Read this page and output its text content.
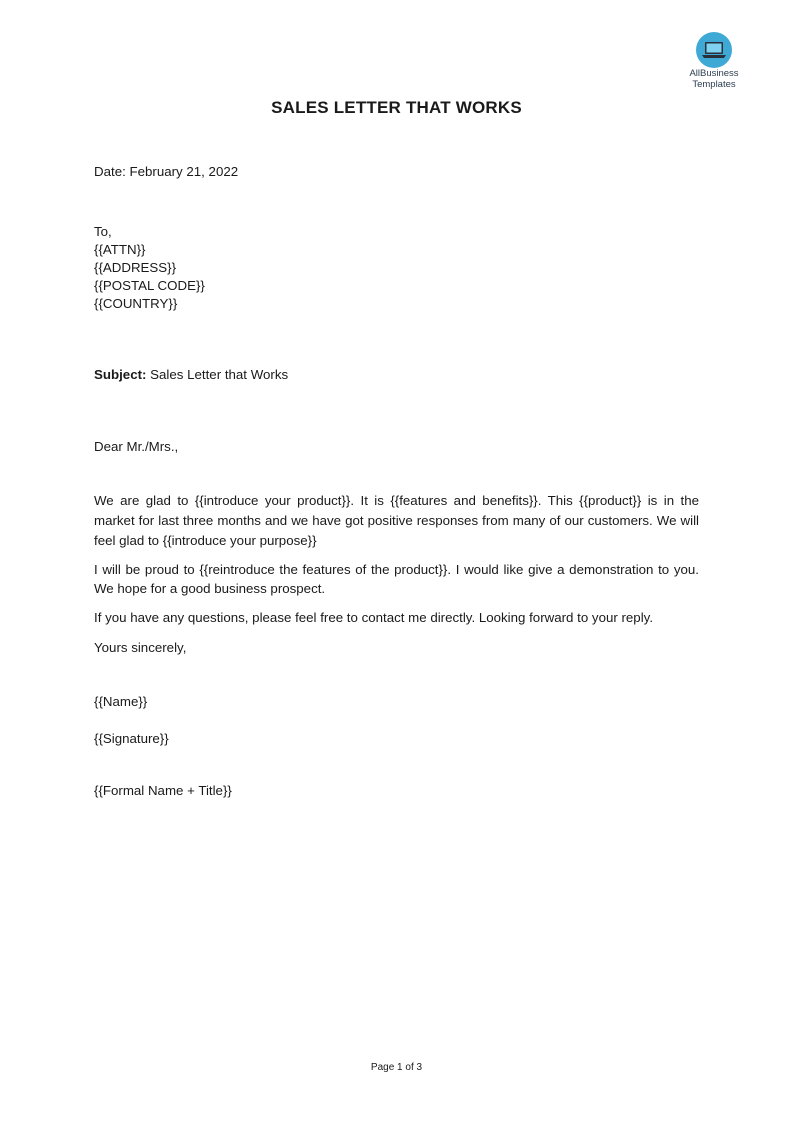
AllBusiness
Templates
SALES LETTER THAT WORKS

Date: February 21, 2022

To,
{{ATTN}}
{{ADDRESS}}
{{POSTAL CODE}}
{{COUNTRY}}

Subject: Sales Letter that Works

Dear Mr./Mrs.,

We are glad to {{introduce your product}}. It is {{features and benefits}}. This {{product}} is in the market for last three months and we have got positive responses from many of our customers. We will feel glad to {{introduce your purpose}}

I will be proud to {{reintroduce the features of the product}}. I would like give a demonstration to you. We hope for a good business prospect.

If you have any questions, please feel free to contact me directly. Looking forward to your reply.

Yours sincerely,

{{Name}}

{{Signature}}

{{Formal Name + Title}}

Page 1 of 3
